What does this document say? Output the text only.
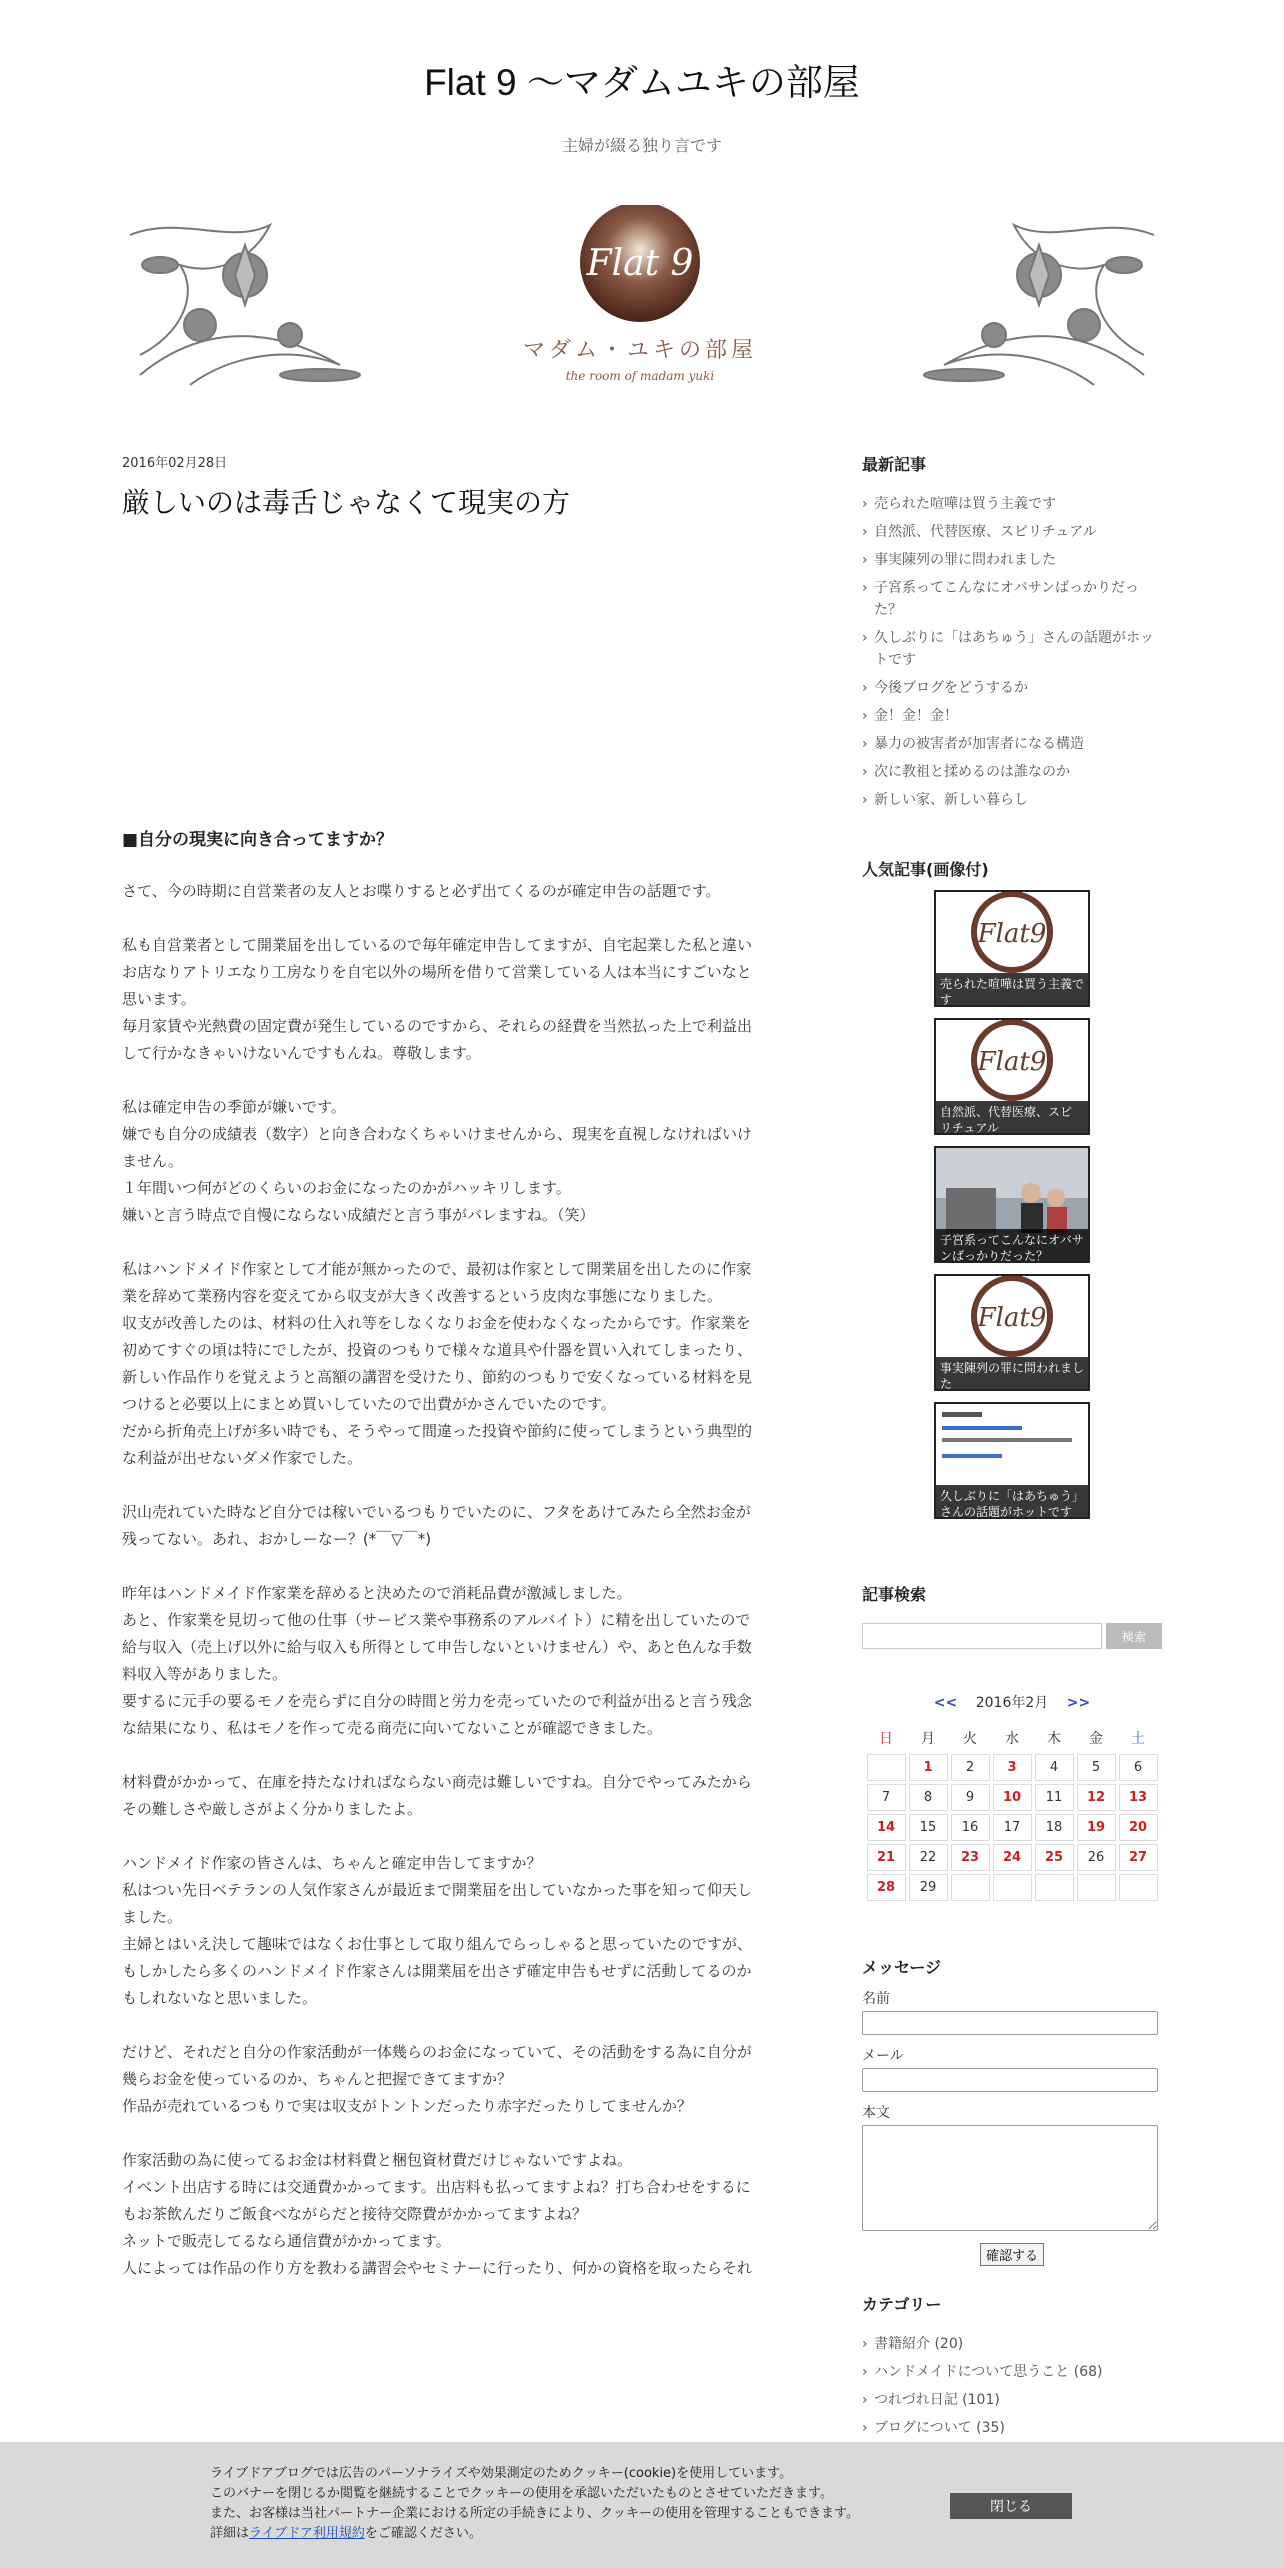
Flat 9 〜マダムユキの部屋
主婦が綴る独り言です
Flat 9
マダム・ユキの部屋
the room of madam yuki
2016年02月28日
厳しいのは毒舌じゃなくて現実の方
■自分の現実に向き合ってますか？
さて、今の時期に自営業者の友人とお喋りすると必ず出てくるのが確定申告の話題です。
私も自営業者として開業届を出しているので毎年確定申告してますが、自宅起業した私と違い
お店なりアトリエなり工房なりを自宅以外の場所を借りて営業している人は本当にすごいなと
思います。
毎月家賃や光熱費の固定費が発生しているのですから、それらの経費を当然払った上で利益出
して行かなきゃいけないんですもんね。尊敬します。
私は確定申告の季節が嫌いです。
嫌でも自分の成績表（数字）と向き合わなくちゃいけませんから、現実を直視しなければいけ
ません。
１年間いつ何がどのくらいのお金になったのかがハッキリします。
嫌いと言う時点で自慢にならない成績だと言う事がバレますね。（笑）
私はハンドメイド作家として才能が無かったので、最初は作家として開業届を出したのに作家
業を辞めて業務内容を変えてから収支が大きく改善するという皮肉な事態になりました。
収支が改善したのは、材料の仕入れ等をしなくなりお金を使わなくなったからです。作家業を
初めてすぐの頃は特にでしたが、投資のつもりで様々な道具や什器を買い入れてしまったり、
新しい作品作りを覚えようと高額の講習を受けたり、節約のつもりで安くなっている材料を見
つけると必要以上にまとめ買いしていたので出費がかさんでいたのです。
だから折角売上げが多い時でも、そうやって間違った投資や節約に使ってしまうという典型的
な利益が出せないダメ作家でした。
沢山売れていた時など自分では稼いでいるつもりでいたのに、フタをあけてみたら全然お金が
残ってない。あれ、おかしーなー？(*￣▽￣*)
昨年はハンドメイド作家業を辞めると決めたので消耗品費が激減しました。
あと、作家業を見切って他の仕事（サービス業や事務系のアルバイト）に精を出していたので
給与収入（売上げ以外に給与収入も所得として申告しないといけません）や、あと色んな手数
料収入等がありました。
要するに元手の要るモノを売らずに自分の時間と労力を売っていたので利益が出ると言う残念
な結果になり、私はモノを作って売る商売に向いてないことが確認できました。
材料費がかかって、在庫を持たなければならない商売は難しいですね。自分でやってみたから
その難しさや厳しさがよく分かりましたよ。
ハンドメイド作家の皆さんは、ちゃんと確定申告してますか？
私はつい先日ベテランの人気作家さんが最近まで開業届を出していなかった事を知って仰天し
ました。
主婦とはいえ決して趣味ではなくお仕事として取り組んでらっしゃると思っていたのですが、
もしかしたら多くのハンドメイド作家さんは開業届を出さず確定申告もせずに活動してるのか
もしれないなと思いました。
だけど、それだと自分の作家活動が一体幾らのお金になっていて、その活動をする為に自分が
幾らお金を使っているのか、ちゃんと把握できてますか？
作品が売れているつもりで実は収支がトントンだったり赤字だったりしてませんか？
作家活動の為に使ってるお金は材料費と梱包資材費だけじゃないですよね。
イベント出店する時には交通費かかってます。出店料も払ってますよね？打ち合わせをするに
もお茶飲んだりご飯食べながらだと接待交際費がかかってますよね？
ネットで販売してるなら通信費がかかってます。
人によっては作品の作り方を教わる講習会やセミナーに行ったり、何かの資格を取ったらそれ
最新記事
› 売られた喧嘩は買う主義です
› 自然派、代替医療、スピリチュアル
› 事実陳列の罪に問われました
› 子宮系ってこんなにオバサンばっかりだった？
› 久しぶりに「はあちゅう」さんの話題がホットです
› 今後ブログをどうするか
› 金！金！金！
› 暴力の被害者が加害者になる構造
› 次に教祖と揉めるのは誰なのか
› 新しい家、新しい暮らし
人気記事(画像付)
Flat9
売られた喧嘩は買う主義です
Flat9
自然派、代替医療、スピリチュアル
子宮系ってこんなにオバサンばっかりだった？
Flat9
事実陳列の罪に問われました
久しぶりに「はあちゅう」さんの話題がホットです
記事検索
検索
<< 2016年2月 >>
日	月	火	水	木	金	土
	1	2	3	4	5	6
7	8	9	10	11	12	13
14	15	16	17	18	19	20
21	22	23	24	25	26	27
28	29					
メッセージ
名前
メール
本文
確認する
カテゴリー
› 書籍紹介 (20)
› ハンドメイドについて思うこと (68)
› つれづれ日記 (101)
› ブログについて (35)
ライブドアブログでは広告のパーソナライズや効果測定のためクッキー(cookie)を使用しています。
このバナーを閉じるか閲覧を継続することでクッキーの使用を承認いただいたものとさせていただきます。
また、お客様は当社パートナー企業における所定の手続きにより、クッキーの使用を管理することもできます。
詳細はライブドア利用規約をご確認ください。
閉じる
